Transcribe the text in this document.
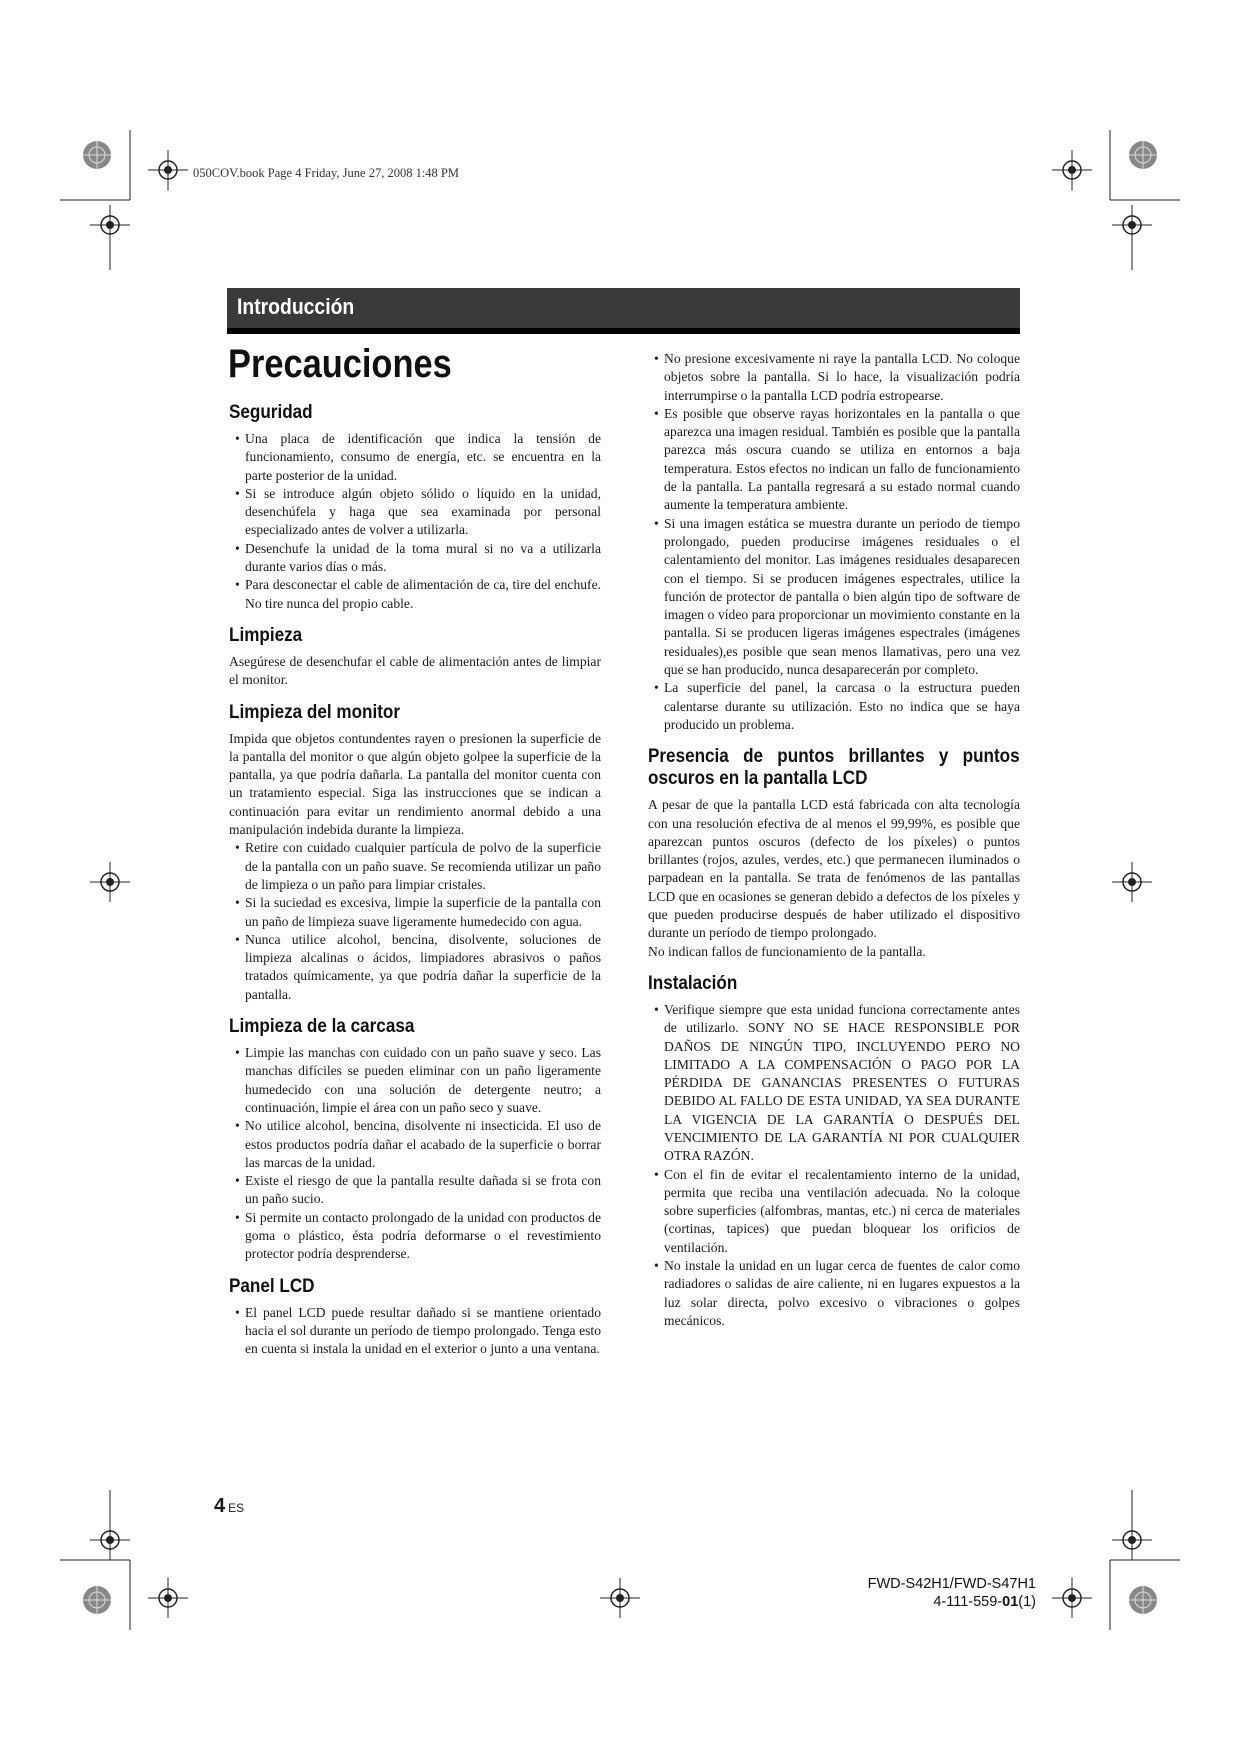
050COV.book Page 4 Friday, June 27, 2008 1:48 PM
Introducción
Precauciones
Seguridad
• Una placa de identificación que indica la tensión de funcionamiento, consumo de energía, etc. se encuentra en la parte posterior de la unidad.
• Si se introduce algún objeto sólido o líquido en la unidad, desenchúfela y haga que sea examinada por personal especializado antes de volver a utilizarla.
• Desenchufe la unidad de la toma mural si no va a utilizarla durante varios días o más.
• Para desconectar el cable de alimentación de ca, tire del enchufe. No tire nunca del propio cable.
Limpieza

Asegúrese de desenchufar el cable de alimentación antes de limpiar el monitor.

Limpieza del monitor

Impida que objetos contundentes rayen o presionen la superficie de la pantalla del monitor o que algún objeto golpee la superficie de la pantalla, ya que podría dañarla. La pantalla del monitor cuenta con un tratamiento especial. Siga las instrucciones que se indican a continuación para evitar un rendimiento anormal debido a una manipulación indebida durante la limpieza.

• Retire con cuidado cualquier partícula de polvo de la superficie de la pantalla con un paño suave. Se recomienda utilizar un paño de limpieza o un paño para limpiar cristales.
• Si la suciedad es excesiva, limpie la superficie de la pantalla con un paño de limpieza suave ligeramente humedecido con agua.
• Nunca utilice alcohol, bencina, disolvente, soluciones de limpieza alcalinas o ácidos, limpiadores abrasivos o paños tratados químicamente, ya que podría dañar la superficie de la pantalla.
Limpieza de la carcasa
• Limpie las manchas con cuidado con un paño suave y seco. Las manchas difíciles se pueden eliminar con un paño ligeramente humedecido con una solución de detergente neutro; a continuación, limpie el área con un paño seco y suave.
• No utilice alcohol, bencina, disolvente ni insecticida. El uso de estos productos podría dañar el acabado de la superficie o borrar las marcas de la unidad.
• Existe el riesgo de que la pantalla resulte dañada si se frota con un paño sucio.
• Si permite un contacto prolongado de la unidad con productos de goma o plástico, ésta podría deformarse o el revestimiento protector podría desprenderse.
Panel LCD
• El panel LCD puede resultar dañado si se mantiene orientado hacia el sol durante un período de tiempo prolongado. Tenga esto en cuenta si instala la unidad en el exterior o junto a una ventana.
• No presione excesivamente ni raye la pantalla LCD. No coloque objetos sobre la pantalla. Si lo hace, la visualización podría interrumpirse o la pantalla LCD podría estropearse.
• Es posible que observe rayas horizontales en la pantalla o que aparezca una imagen residual. También es posible que la pantalla parezca más oscura cuando se utiliza en entornos a baja temperatura. Estos efectos no indican un fallo de funcionamiento de la pantalla. La pantalla regresará a su estado normal cuando aumente la temperatura ambiente.
• Si una imagen estática se muestra durante un periodo de tiempo prolongado, pueden producirse imágenes residuales o el calentamiento del monitor. Las imágenes residuales desaparecen con el tiempo. Si se producen imágenes espectrales, utilice la función de protector de pantalla o bien algún tipo de software de imagen o vídeo para proporcionar un movimiento constante en la pantalla. Si se producen ligeras imágenes espectrales (imágenes residuales),es posible que sean menos llamativas, pero una vez que se han producido, nunca desaparecerán por completo.
• La superficie del panel, la carcasa o la estructura pueden calentarse durante su utilización. Esto no indica que se haya producido un problema.
Presencia de puntos brillantes y puntos oscuros en la pantalla LCD

A pesar de que la pantalla LCD está fabricada con alta tecnología con una resolución efectiva de al menos el 99,99%, es posible que aparezcan puntos oscuros (defecto de los píxeles) o puntos brillantes (rojos, azules, verdes, etc.) que permanecen iluminados o parpadean en la pantalla. Se trata de fenómenos de las pantallas LCD que en ocasiones se generan debido a defectos de los píxeles y que pueden producirse después de haber utilizado el dispositivo durante un período de tiempo prolongado.

No indican fallos de funcionamiento de la pantalla.

Instalación
• Verifique siempre que esta unidad funciona correctamente antes de utilizarlo. SONY NO SE HACE RESPONSIBLE POR DAÑOS DE NINGÚN TIPO, INCLUYENDO PERO NO LIMITADO A LA COMPENSACIÓN O PAGO POR LA PÉRDIDA DE GANANCIAS PRESENTES O FUTURAS DEBIDO AL FALLO DE ESTA UNIDAD, YA SEA DURANTE LA VIGENCIA DE LA GARANTÍA O DESPUÉS DEL VENCIMIENTO DE LA GARANTÍA NI POR CUALQUIER OTRA RAZÓN.
• Con el fin de evitar el recalentamiento interno de la unidad, permita que reciba una ventilación adecuada. No la coloque sobre superficies (alfombras, mantas, etc.) ni cerca de materiales (cortinas, tapices) que puedan bloquear los orificios de ventilación.
• No instale la unidad en un lugar cerca de fuentes de calor como radiadores o salidas de aire caliente, ni en lugares expuestos a la luz solar directa, polvo excesivo o vibraciones o golpes mecánicos.
4 ES
FWD-S42H1/FWD-S47H1
4-111-559-01(1)
